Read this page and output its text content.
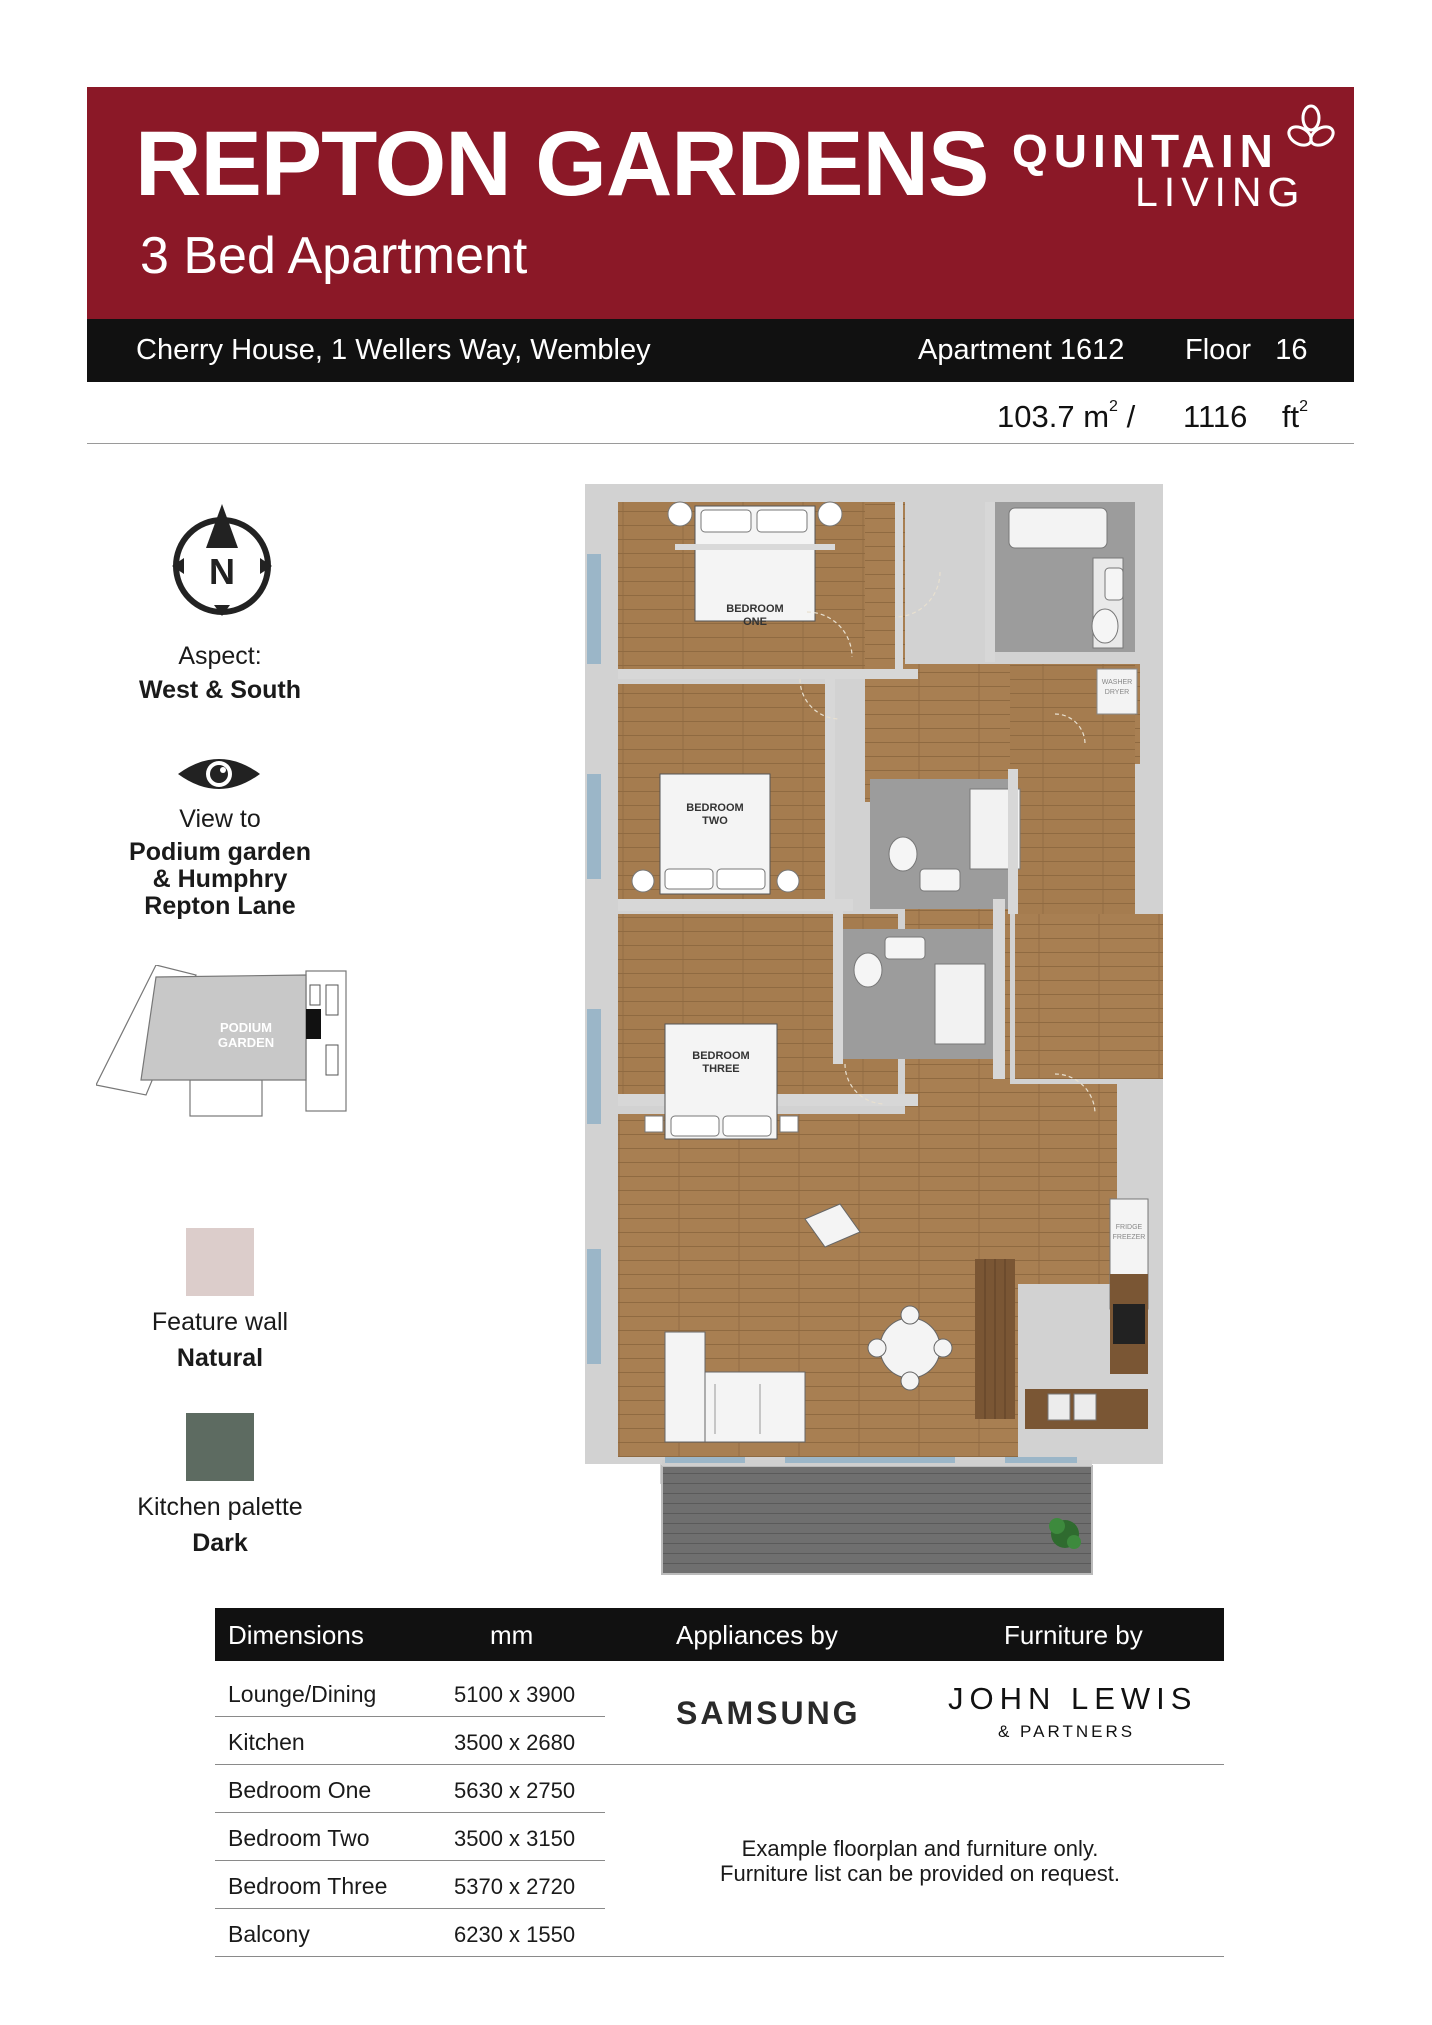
REPTON GARDENS
3 Bed Apartment
QUINTAIN
LIVING
Cherry House, 1 Wellers Way, Wembley	Apartment 1612 Floor 16
103.7 $m^2 / 1116$ $ft^2$
N
Aspect:
West & South
View to
Podium garden
& Humphry
Repton Lane
PODIUM
GARDEN
Feature wall
Natural
Kitchen palette
Dark
WASHER
DRYER
BEDROOM
ONE
BEDROOM
TWO
BEDROOM
THREE
FRIDGE
FREEZER
Dimensions	mm	Appliances by	Furniture by
Lounge/Dining	5100 x 3900
Kitchen	3500 x 2680
Bedroom One	5630 x 2750
Bedroom Two	3500 x 3150
Bedroom Three	5370 x 2720
Balcony	6230 x 1550
SAMSUNG	JOHN LEWIS
& PARTNERS
Example floorplan and furniture only.
Furniture list can be provided on request.
